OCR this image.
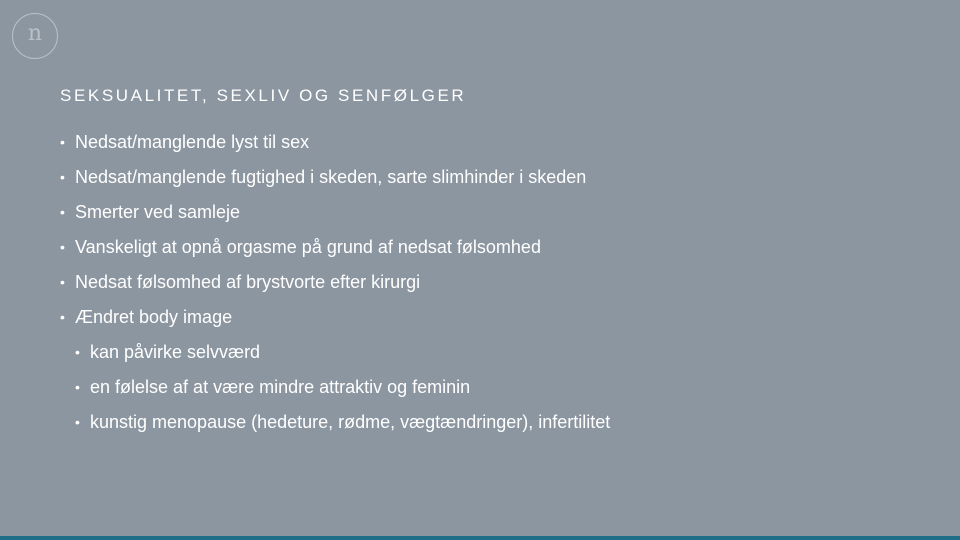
n
SEKSUALITET, SEXLIV OG SENFØLGER
• Nedsat/manglende lyst til sex
• Nedsat/manglende fugtighed i skeden, sarte slimhinder i skeden
• Smerter ved samleje
• Vanskeligt at opnå orgasme på grund af nedsat følsomhed
• Nedsat følsomhed af brystvorte efter kirurgi
• Ændret body image
• kan påvirke selvværd
• en følelse af at være mindre attraktiv og feminin
• kunstig menopause (hedeture, rødme, vægtændringer), infertilitet
